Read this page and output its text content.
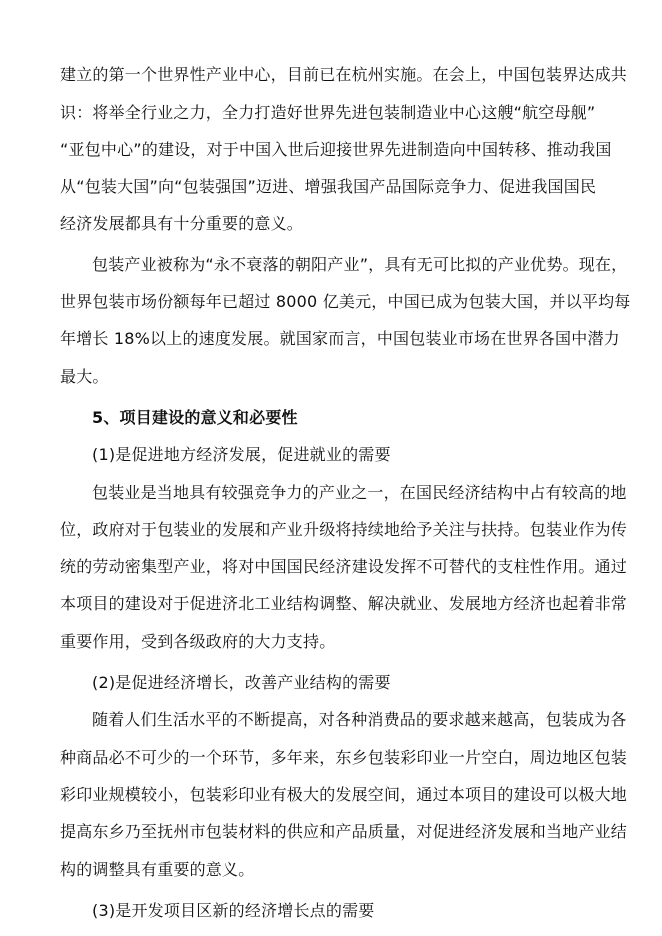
建立的第一个世界性产业中心，目前已在杭州实施。在会上，中国包装界达成共
识：将举全行业之力，全力打造好世界先进包装制造业中心这艘“航空母舰”
“亚包中心”的建设，对于中国入世后迎接世界先进制造向中国转移、推动我国
从“包装大国”向“包装强国”迈进、增强我国产品国际竞争力、促进我国国民
经济发展都具有十分重要的意义。
包装产业被称为“永不衰落的朝阳产业”，具有无可比拟的产业优势。现在，
世界包装市场份额每年已超过 8000 亿美元，中国已成为包装大国，并以平均每
年增长 18%以上的速度发展。就国家而言，中国包装业市场在世界各国中潜力
最大。
5、项目建设的意义和必要性
(1)是促进地方经济发展，促进就业的需要
包装业是当地具有较强竞争力的产业之一，在国民经济结构中占有较高的地
位，政府对于包装业的发展和产业升级将持续地给予关注与扶持。包装业作为传
统的劳动密集型产业，将对中国国民经济建设发挥不可替代的支柱性作用。通过
本项目的建设对于促进济北工业结构调整、解决就业、发展地方经济也起着非常
重要作用，受到各级政府的大力支持。
(2)是促进经济增长，改善产业结构的需要
随着人们生活水平的不断提高，对各种消费品的要求越来越高，包装成为各
种商品必不可少的一个环节，多年来，东乡包装彩印业一片空白，周边地区包装
彩印业规模较小，包装彩印业有极大的发展空间，通过本项目的建设可以极大地
提高东乡乃至抚州市包装材料的供应和产品质量，对促进经济发展和当地产业结
构的调整具有重要的意义。
(3)是开发项目区新的经济增长点的需要
